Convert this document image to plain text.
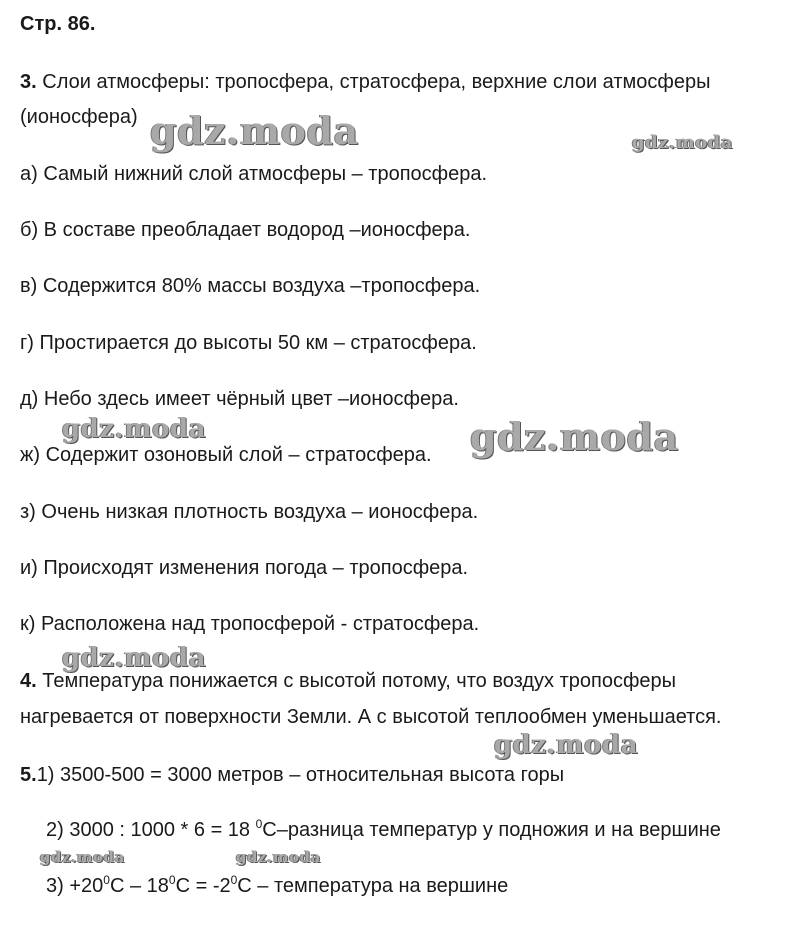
Стр. 86.
3. Слои атмосферы: тропосфера, стратосфера, верхние слои атмосферы
(ионосфера)
а) Самый нижний слой атмосферы – тропосфера.
б) В составе преобладает водород –ионосфера.
в) Содержится 80% массы воздуха –тропосфера.
г) Простирается до высоты 50 км – стратосфера.
д) Небо здесь имеет чёрный цвет –ионосфера.
ж) Содержит озоновый слой – стратосфера.
з) Очень низкая плотность воздуха – ионосфера.
и) Происходят изменения погода – тропосфера.
к) Расположена над тропосферой - стратосфера.
4. Температура понижается с высотой потому, что воздух тропосферы
нагревается от поверхности Земли. А с высотой теплообмен уменьшается.
5.1) 3500-500 = 3000 метров – относительная высота горы
2) 3000 : 1000 * 6 = 18 $^0$С–разница температур у подножия и на вершине
$3) +20^0С - 18^0С = -2^0С$ – температура на вершине
gdz.moda	gdz.moda
gdz.moda	gdz.moda
gdz.moda
gdz.moda
gdz.moda	gdz.moda
